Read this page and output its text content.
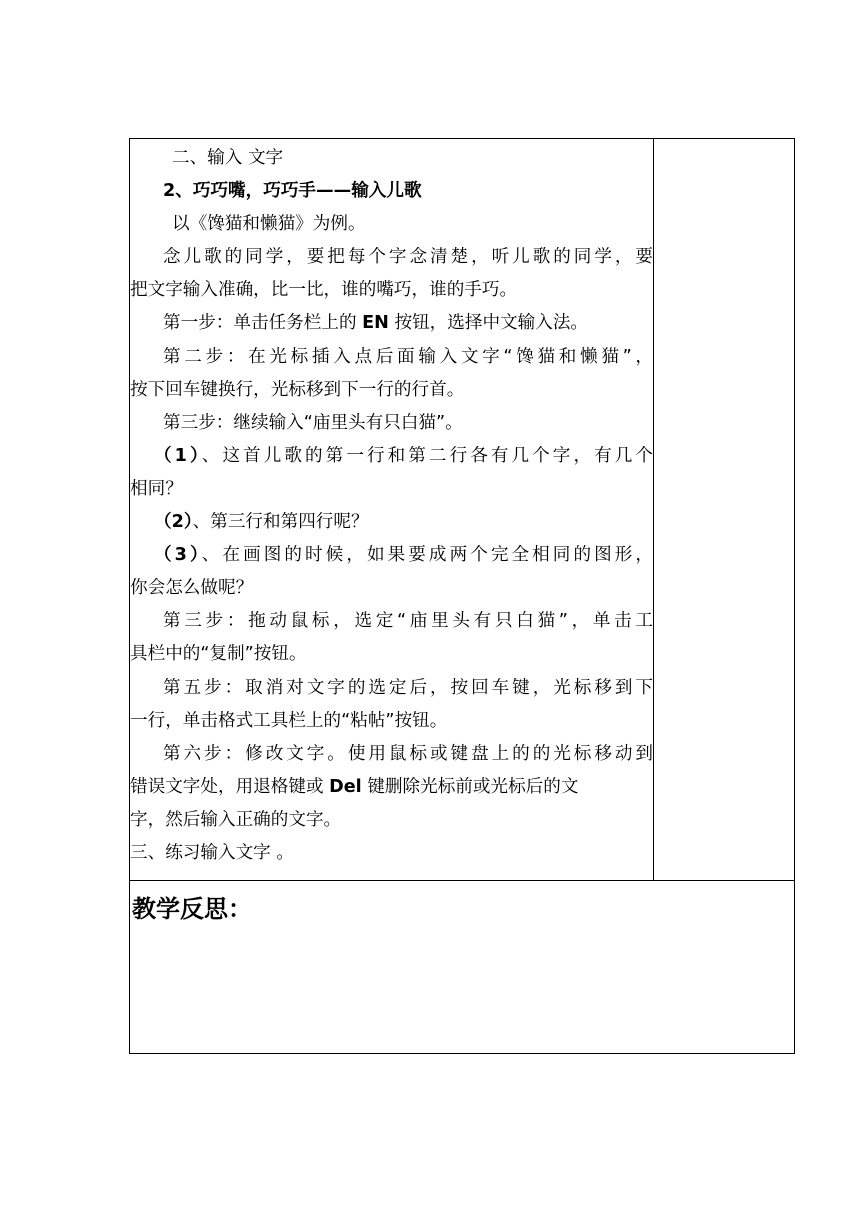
二、输入 文字

2、巧巧嘴，巧巧手——输入儿歌

以《馋猫和懒猫》为例。

念儿歌的同学，要把每个字念清楚，听儿歌的同学，要

把文字输入准确，比一比，谁的嘴巧，谁的手巧。

第一步：单击任务栏上的 EN 按钮，选择中文输入法。

第二步：在光标插入点后面输入文字“馋猫和懒猫”，

按下回车键换行，光标移到下一行的行首。

第三步：继续输入“庙里头有只白猫”。

（1）、这首儿歌的第一行和第二行各有几个字，有几个

相同？

（2）、第三行和第四行呢？

（3）、在画图的时候，如果要成两个完全相同的图形，

你会怎么做呢？

第三步：拖动鼠标，选定“庙里头有只白猫”，单击工

具栏中的“复制”按钮。

第五步：取消对文字的选定后，按回车键，光标移到下

一行，单击格式工具栏上的“粘帖”按钮。

第六步：修改文字。使用鼠标或键盘上的的光标移动到

错误文字处，用退格键或 Del 键删除光标前或光标后的文

字，然后输入正确的文字。

三、练习输入文字 。

教学反思：
